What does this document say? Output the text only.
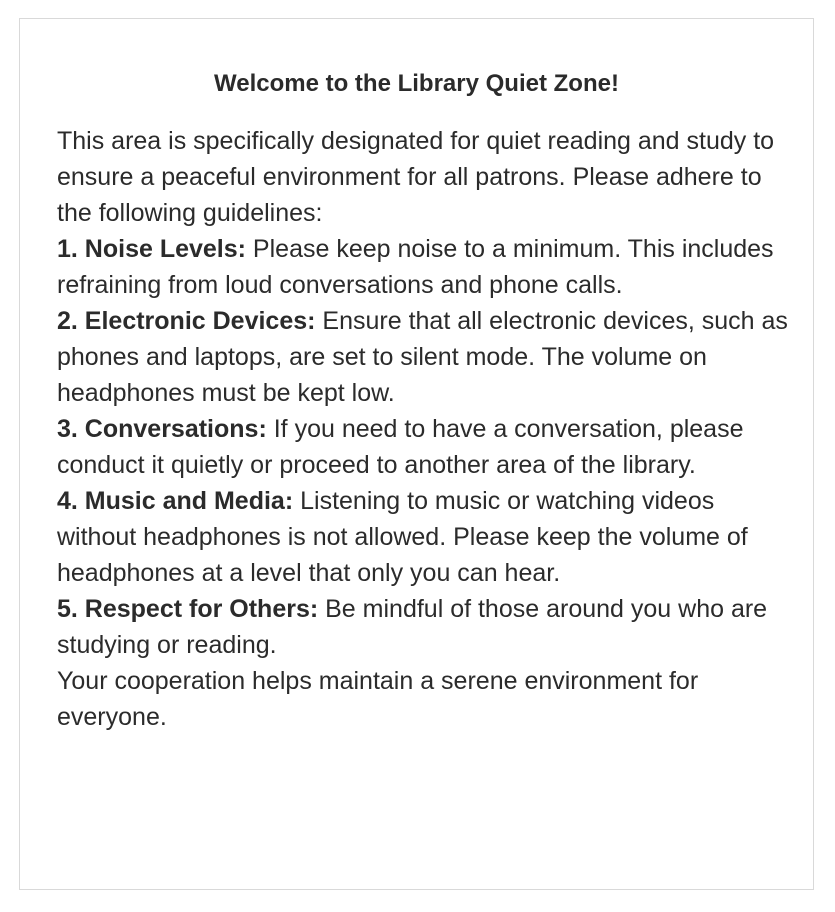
Welcome to the Library Quiet Zone!

This area is specifically designated for quiet reading and study to ensure a peaceful environment for all patrons. Please adhere to the following guidelines:

1. Noise Levels: Please keep noise to a minimum. This includes refraining from loud conversations and phone calls.

2. Electronic Devices: Ensure that all electronic devices, such as phones and laptops, are set to silent mode. The volume on headphones must be kept low.

3. Conversations: If you need to have a conversation, please conduct it quietly or proceed to another area of the library.

4. Music and Media: Listening to music or watching videos without headphones is not allowed. Please keep the volume of headphones at a level that only you can hear.

5. Respect for Others: Be mindful of those around you who are studying or reading.

Your cooperation helps maintain a serene environment for everyone.
